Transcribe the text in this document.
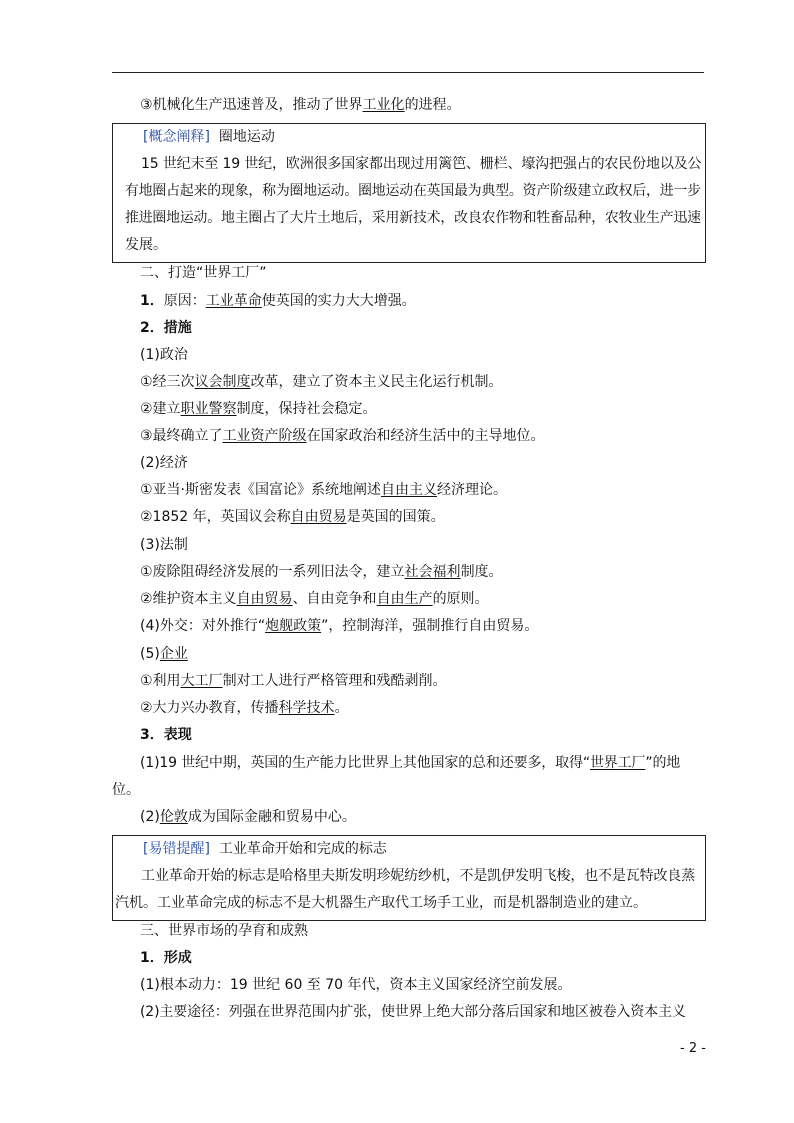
③机械化生产迅速普及，推动了世界工业化的进程。
[概念阐释] 圈地运动
15 世纪末至 19 世纪，欧洲很多国家都出现过用篱笆、栅栏、壕沟把强占的农民份地以及公
有地圈占起来的现象，称为圈地运动。圈地运动在英国最为典型。资产阶级建立政权后，进一步
推进圈地运动。地主圈占了大片土地后，采用新技术，改良农作物和牲畜品种，农牧业生产迅速
发展。
二、打造“世界工厂”
1．原因：工业革命使英国的实力大大增强。
2．措施
(1)政治
①经三次议会制度改革，建立了资本主义民主化运行机制。
②建立职业警察制度，保持社会稳定。
③最终确立了工业资产阶级在国家政治和经济生活中的主导地位。
(2)经济
①亚当·斯密发表《国富论》系统地阐述自由主义经济理论。
②1852 年，英国议会称自由贸易是英国的国策。
(3)法制
①废除阻碍经济发展的一系列旧法令，建立社会福利制度。
②维护资本主义自由贸易、自由竞争和自由生产的原则。
(4)外交：对外推行“炮舰政策”，控制海洋，强制推行自由贸易。
(5)企业
①利用大工厂制对工人进行严格管理和残酷剥削。
②大力兴办教育，传播科学技术。
3．表现
(1)19 世纪中期，英国的生产能力比世界上其他国家的总和还要多，取得“世界工厂”的地
位。
(2)伦敦成为国际金融和贸易中心。
[易错提醒] 工业革命开始和完成的标志
工业革命开始的标志是哈格里夫斯发明珍妮纺纱机，不是凯伊发明飞梭，也不是瓦特改良蒸
汽机。工业革命完成的标志不是大机器生产取代工场手工业，而是机器制造业的建立。
三、世界市场的孕育和成熟
1．形成
(1)根本动力：19 世纪 60 至 70 年代，资本主义国家经济空前发展。
(2)主要途径：列强在世界范围内扩张，使世界上绝大部分落后国家和地区被卷入资本主义
- 2 -
